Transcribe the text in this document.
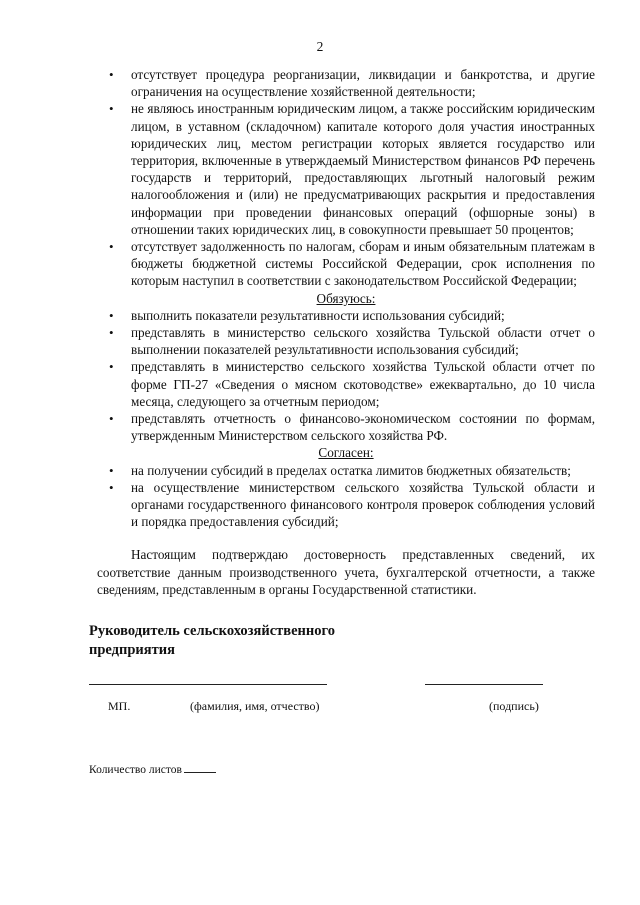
2
• отсутствует процедура реорганизации, ликвидации и банкротства, и другие ограничения на осуществление хозяйственной деятельности;
• не являюсь иностранным юридическим лицом, а также российским юридическим лицом, в уставном (складочном) капитале которого доля участия иностранных юридических лиц, местом регистрации которых является государство или территория, включенные в утверждаемый Министерством финансов РФ перечень государств и территорий, предоставляющих льготный налоговый режим налогообложения и (или) не предусматривающих раскрытия и предоставления информации при проведении финансовых операций (офшорные зоны) в отношении таких юридических лиц, в совокупности превышает 50 процентов;
• отсутствует задолженность по налогам, сборам и иным обязательным платежам в бюджеты бюджетной системы Российской Федерации, срок исполнения по которым наступил в соответствии с законодательством Российской Федерации;

Обязуюсь:

• выполнить показатели результативности использования субсидий;
• представлять в министерство сельского хозяйства Тульской области отчет о выполнении показателей результативности использования субсидий;
• представлять в министерство сельского хозяйства Тульской области отчет по форме ГП-27 «Сведения о мясном скотоводстве» ежеквартально, до 10 числа месяца, следующего за отчетным периодом;
• представлять отчетность о финансово-экономическом состоянии по формам, утвержденным Министерством сельского хозяйства РФ.

Согласен:

• на получении субсидий в пределах остатка лимитов бюджетных обязательств;
• на осуществление министерством сельского хозяйства Тульской области и органами государственного финансового контроля проверок соблюдения условий и порядка предоставления субсидий;

Настоящим подтверждаю достоверность представленных сведений, их соответствие данным производственного учета, бухгалтерской отчетности, а также сведениям, представленным в органы Государственной статистики.

Руководитель сельскохозяйственного предприятия
МП.	(фамилия, имя, отчество)	(подпись)
Количество листов
